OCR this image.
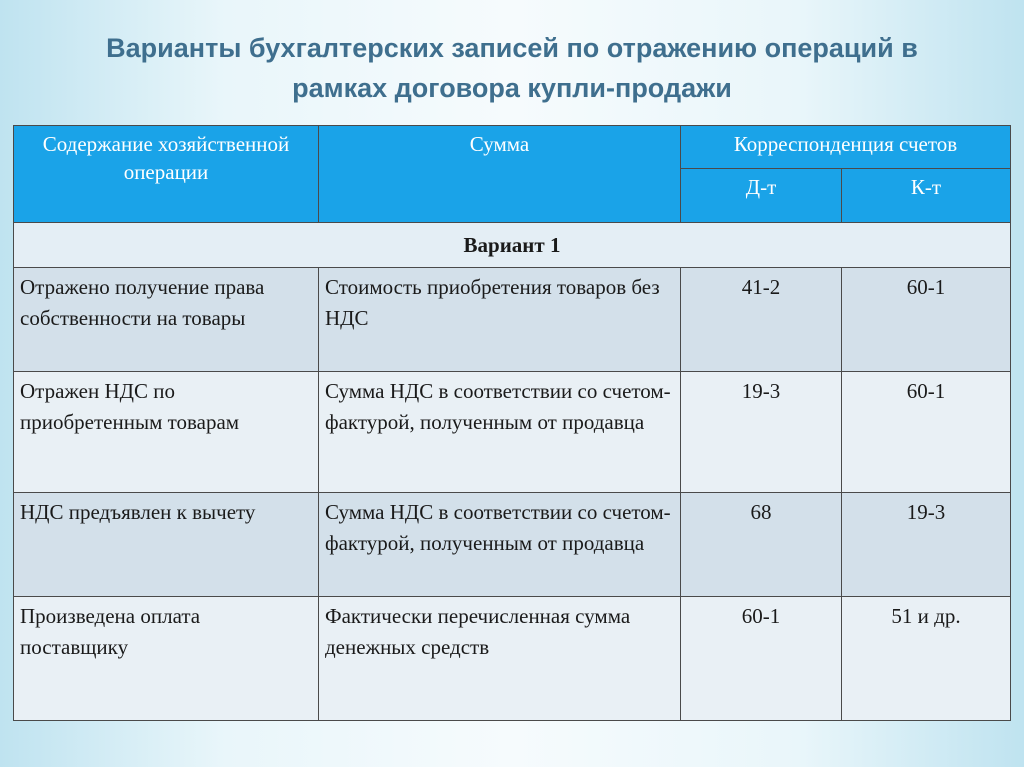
Варианты бухгалтерских записей по отражению операций в
рамках договора купли-продажи
Содержание хозяйственной операции	Сумма	Корреспонденция счетов	
		Д-т	К-т
Вариант 1			
Отражено получение права собственности на товары	Стоимость приобретения товаров без НДС	41-2	60-1
Отражен НДС по приобретенным товарам	Сумма НДС в соответствии со счетом-фактурой, полученным от продавца	19-3	60-1
НДС предъявлен к вычету	Сумма НДС в соответствии со счетом-фактурой, полученным от продавца	68	19-3
Произведена оплата поставщику	Фактически перечисленная сумма денежных средств	60-1	51 и др.
